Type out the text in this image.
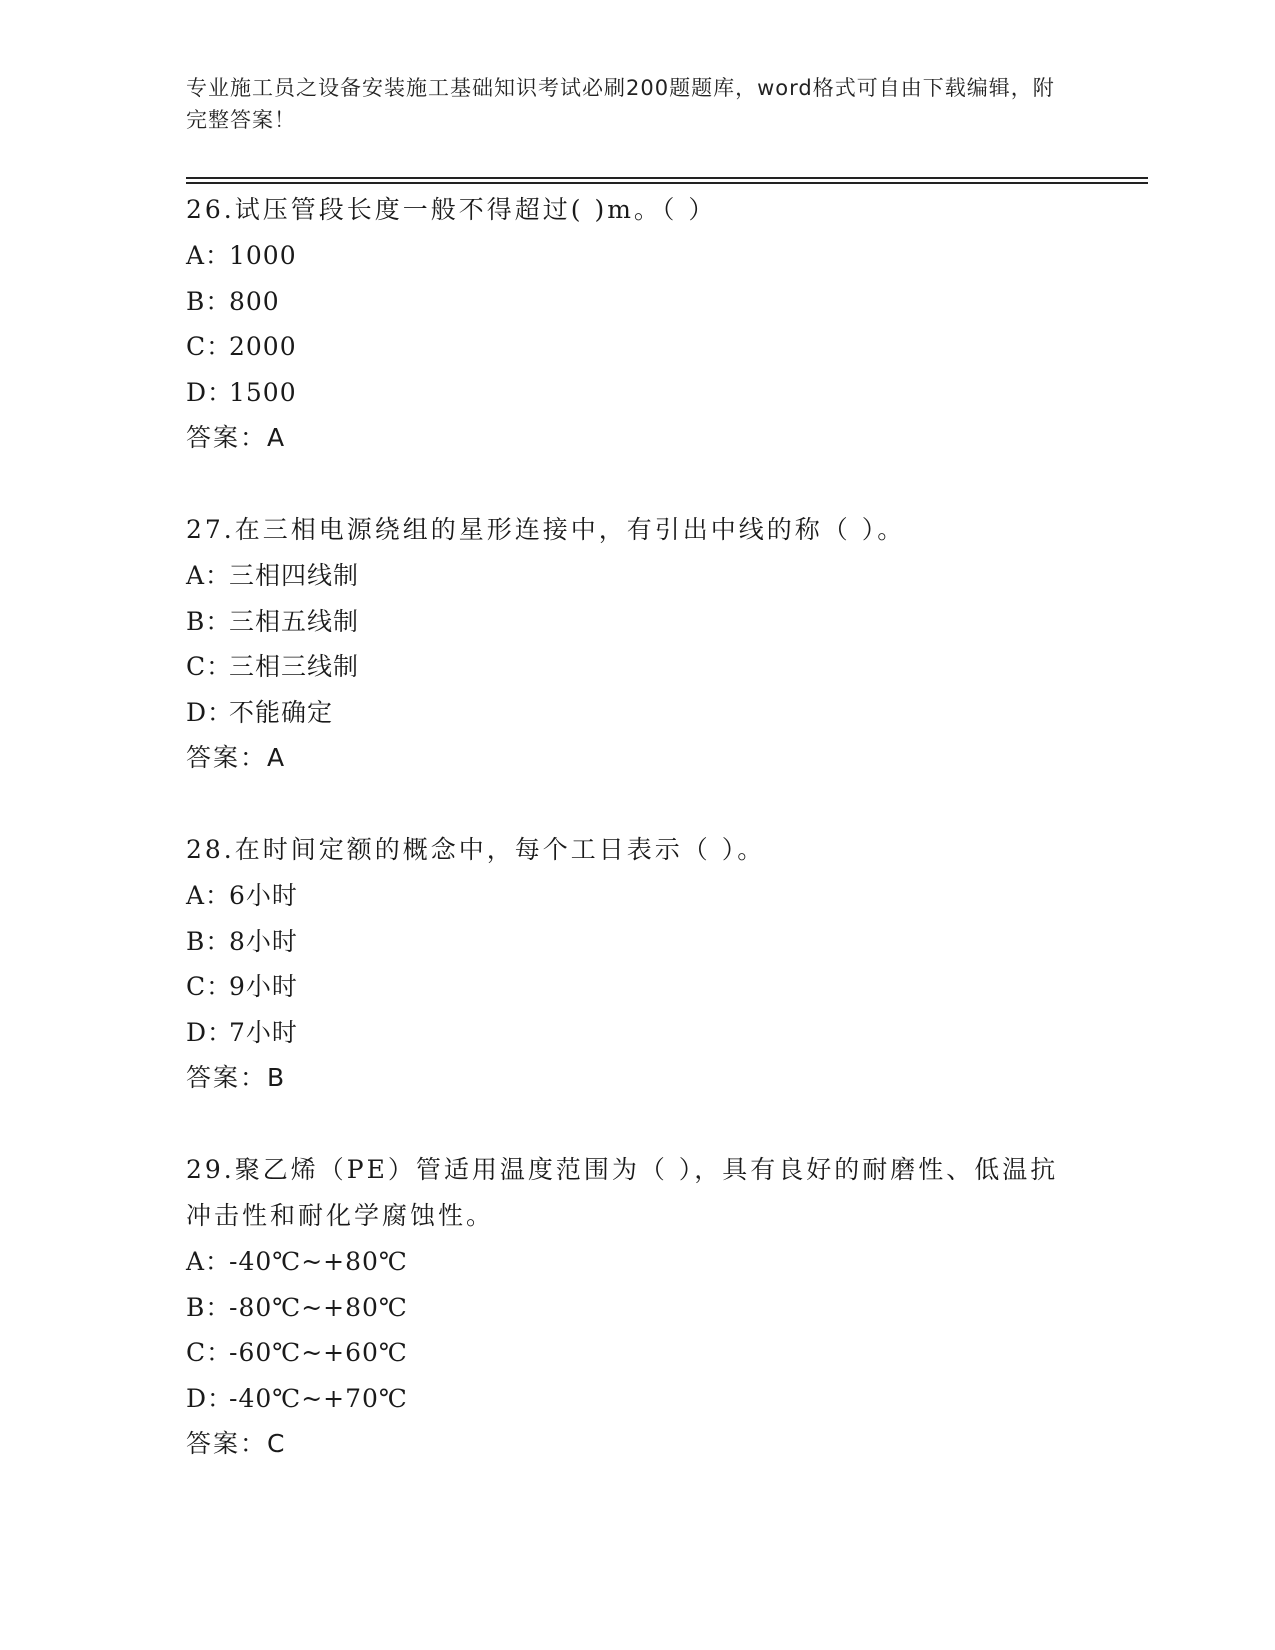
专业施工员之设备安装施工基础知识考试必刷200题题库，word格式可自由下载编辑，附完整答案！

26.试压管段长度一般不得超过( )m。（ ）

A：1000

B：800

C：2000

D：1500

答案：A

27.在三相电源绕组的星形连接中，有引出中线的称（ ）。

A：三相四线制

B：三相五线制

C：三相三线制

D：不能确定

答案：A

28.在时间定额的概念中，每个工日表示（ ）。

A：6小时

B：8小时

C：9小时

D：7小时

答案：B

29.聚乙烯（PE）管适用温度范围为（ ），具有良好的耐磨性、低温抗冲击性和耐化学腐蚀性。

A：-40℃~+80℃

B：-80℃~+80℃

C：-60℃~+60℃

D：-40℃~+70℃

答案：C
